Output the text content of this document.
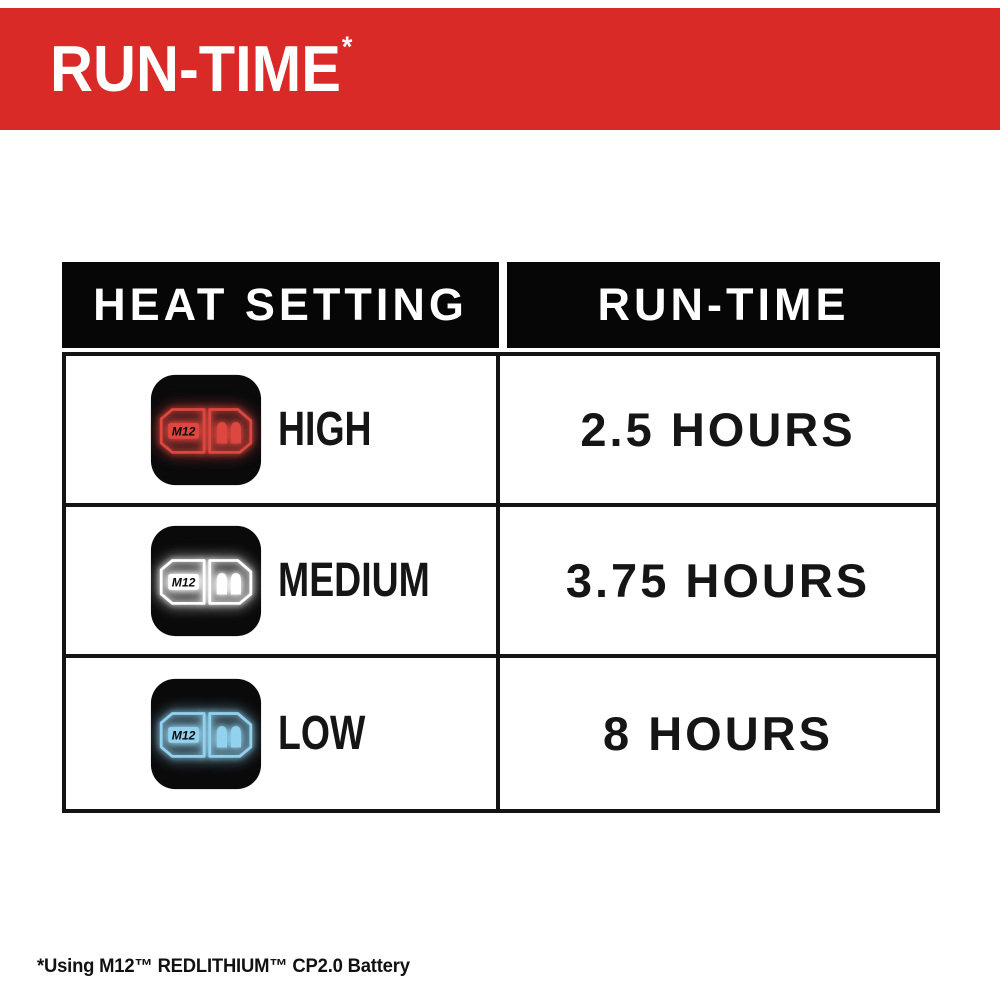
RUN-TIME*
HEAT SETTING	RUN-TIME
M12 HIGH	2.5 HOURS
M12 MEDIUM	3.75 HOURS
M12 LOW	8 HOURS
*Using M12™ REDLITHIUM™ CP2.0 Battery
